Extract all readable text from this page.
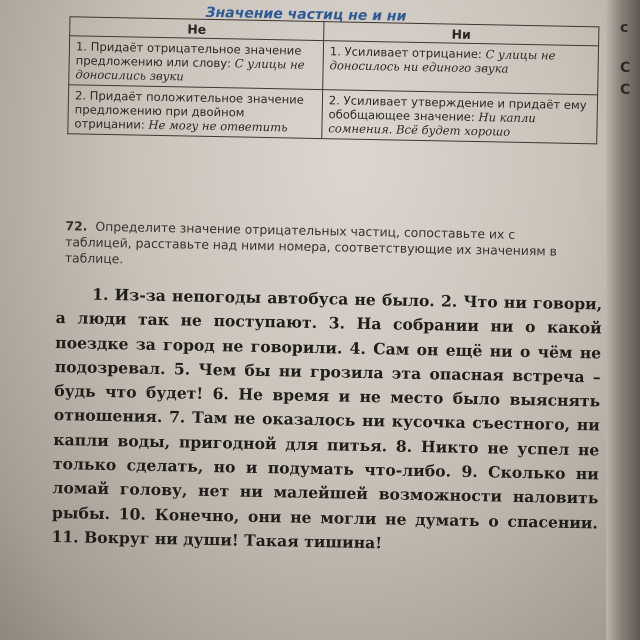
с
С
С
Значение частиц не и ни
Не	Ни
1. Придаёт отрицательное значение предложению или слову: С улицы не доносились звуки	1. Усиливает отрицание: С улицы не доносилось ни единого звука
2. Придаёт положительное значение предложению при двойном отрицании: Не могу не ответить	2. Усиливает утверждение и придаёт ему обобщающее значение: Ни капли сомнения. Всё будет хорошо
72. Определите значение отрицательных частиц, сопоставьте их с таблицей, расставьте над ними номера, соответствующие их значениям в таблице.
1. Из-за непогоды автобуса не было. 2. Что ни говори, а люди так не поступают. 3. На собрании ни о какой поездке за город не говорили. 4. Сам он ещё ни о чём не подозревал. 5. Чем бы ни грозила эта опасная встреча – будь что будет! 6. Не время и не место было выяснять отношения. 7. Там не оказалось ни кусочка съестного, ни капли воды, пригодной для питья. 8. Никто не успел не только сделать, но и подумать что-либо. 9. Сколько ни ломай голову, нет ни малейшей возможности наловить рыбы. 10. Конечно, они не могли не думать о спасении. 11. Вокруг ни души! Такая тишина!
